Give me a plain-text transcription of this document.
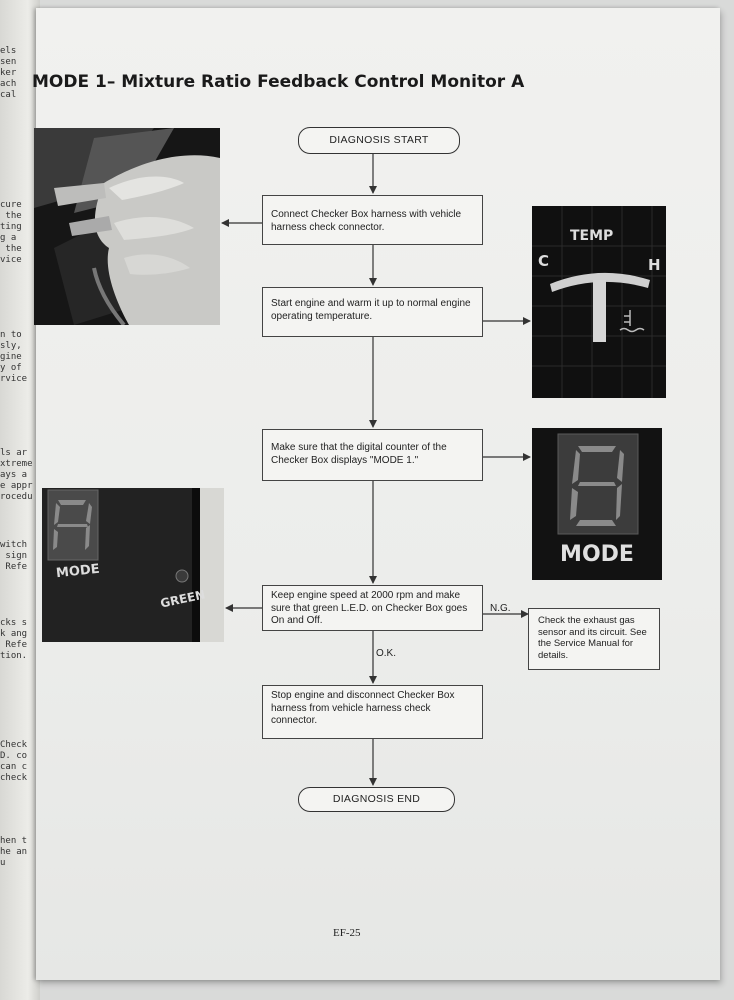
els
sen
ker
ach
cal
cure
the
ting
g a
the
vice
n to
sly,
gine
y of
rvice
ls ar
xtreme
ays a
e appr
rocedu
witch
sign
Refe
cks s
k ang
Refe
tion.
Check
D. co
can c
check
hen t
he an
u
MODE 1– Mixture Ratio Feedback Control Monitor A
DIAGNOSIS START
Connect Checker Box harness with vehicle harness check connector.
Start engine and warm it up to normal engine operating temperature.
Make sure that the digital counter of the Checker Box displays "MODE 1."
Keep engine speed at 2000 rpm and make sure that green L.E.D. on Checker Box goes On and Off.
N.G.
O.K.
Check the exhaust gas sensor and its circuit. See the Service Manual for details.
Stop engine and disconnect Checker Box harness from vehicle harness check connector.
DIAGNOSIS END
TEMP
C	H
MODE
MODE
GREEN
EF-25
